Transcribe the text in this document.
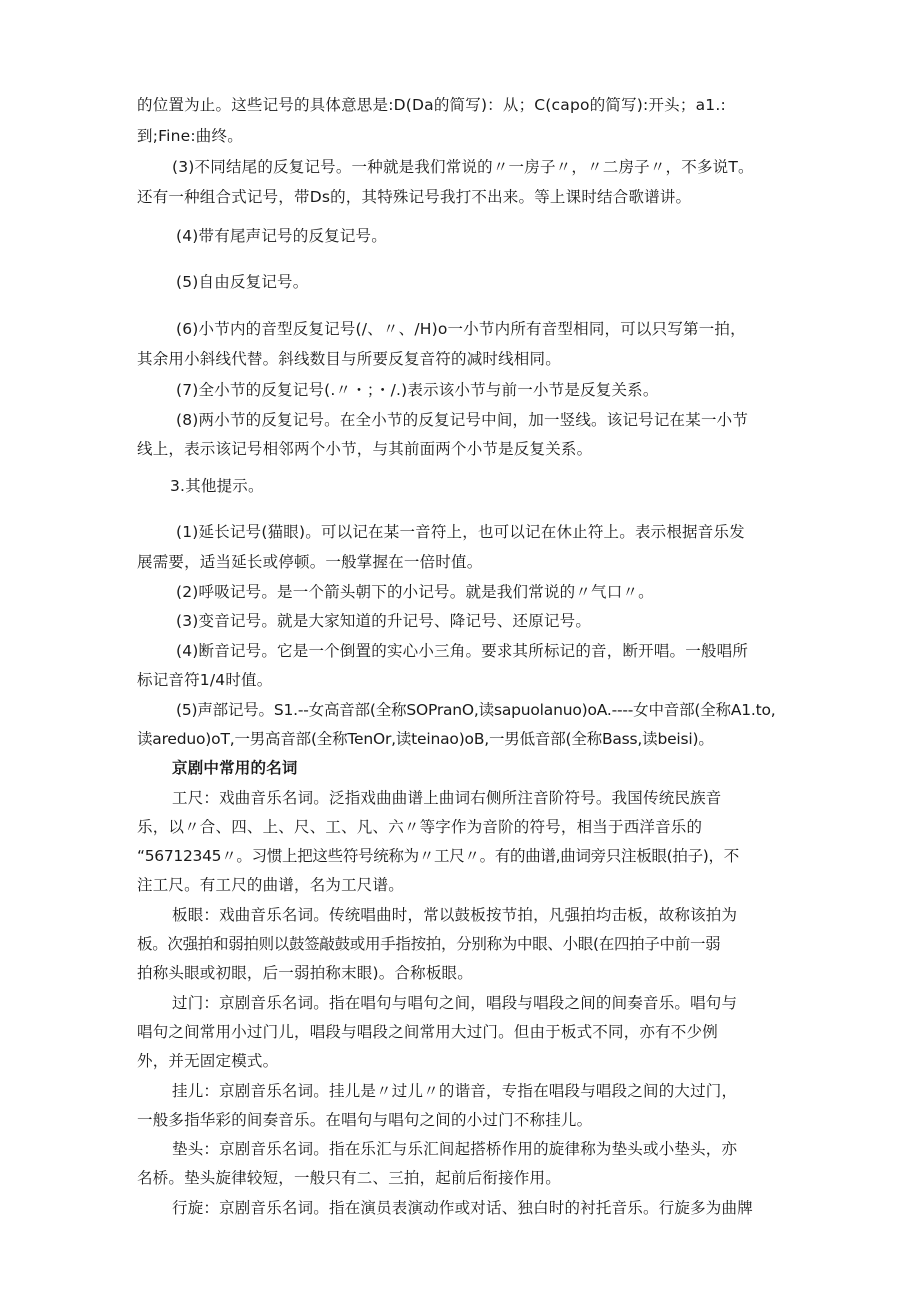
的位置为止。这些记号的具体意思是:D(Da的简写)：从；C(capo的简写):开头；a1.:
到;Fine:曲终。
(3)不同结尾的反复记号。一种就是我们常说的〃一房子〃，〃二房子〃，不多说T。
还有一种组合式记号，带Ds的，其特殊记号我打不出来。等上课时结合歌谱讲。
(4)带有尾声记号的反复记号。
(5)自由反复记号。
(6)小节内的音型反复记号(/、〃、/H)o一小节内所有音型相同，可以只写第一拍，
其余用小斜线代替。斜线数目与所要反复音符的减时线相同。
(7)全小节的反复记号(.〃・；・/.)表示该小节与前一小节是反复关系。
(8)两小节的反复记号。在全小节的反复记号中间，加一竖线。该记号记在某一小节
线上，表示该记号相邻两个小节，与其前面两个小节是反复关系。
3.其他提示。
(1)延长记号(猫眼)。可以记在某一音符上，也可以记在休止符上。表示根据音乐发
展需要，适当延长或停顿。一般掌握在一倍时值。
(2)呼吸记号。是一个箭头朝下的小记号。就是我们常说的〃气口〃。
(3)变音记号。就是大家知道的升记号、降记号、还原记号。
(4)断音记号。它是一个倒置的实心小三角。要求其所标记的音，断开唱。一般唱所
标记音符1/4时值。
(5)声部记号。S1.--女高音部(全称SOPranO,读sapuolanuo)oA.----女中音部(全称A1.to,
读areduo)oT,一男高音部(全称TenOr,读teinao)oB,一男低音部(全称Bass,读beisi)。
京剧中常用的名词
工尺：戏曲音乐名词。泛指戏曲曲谱上曲词右侧所注音阶符号。我国传统民族音
乐，以〃合、四、上、尺、工、凡、六〃等字作为音阶的符号，相当于西洋音乐的
“56712345〃。习惯上把这些符号统称为〃工尺〃。有的曲谱,曲词旁只注板眼(拍子)，不
注工尺。有工尺的曲谱，名为工尺谱。
板眼：戏曲音乐名词。传统唱曲时，常以鼓板按节拍，凡强拍均击板，故称该拍为
板。次强拍和弱拍则以鼓签敲鼓或用手指按拍，分别称为中眼、小眼(在四拍子中前一弱
拍称头眼或初眼，后一弱拍称末眼)。合称板眼。
过门：京剧音乐名词。指在唱句与唱句之间，唱段与唱段之间的间奏音乐。唱句与
唱句之间常用小过门儿，唱段与唱段之间常用大过门。但由于板式不同，亦有不少例
外，并无固定模式。
挂儿：京剧音乐名词。挂儿是〃过儿〃的谐音，专指在唱段与唱段之间的大过门，
一般多指华彩的间奏音乐。在唱句与唱句之间的小过门不称挂儿。
垫头：京剧音乐名词。指在乐汇与乐汇间起搭桥作用的旋律称为垫头或小垫头，亦
名桥。垫头旋律较短，一般只有二、三拍，起前后衔接作用。
行旋：京剧音乐名词。指在演员表演动作或对话、独白时的衬托音乐。行旋多为曲牌
